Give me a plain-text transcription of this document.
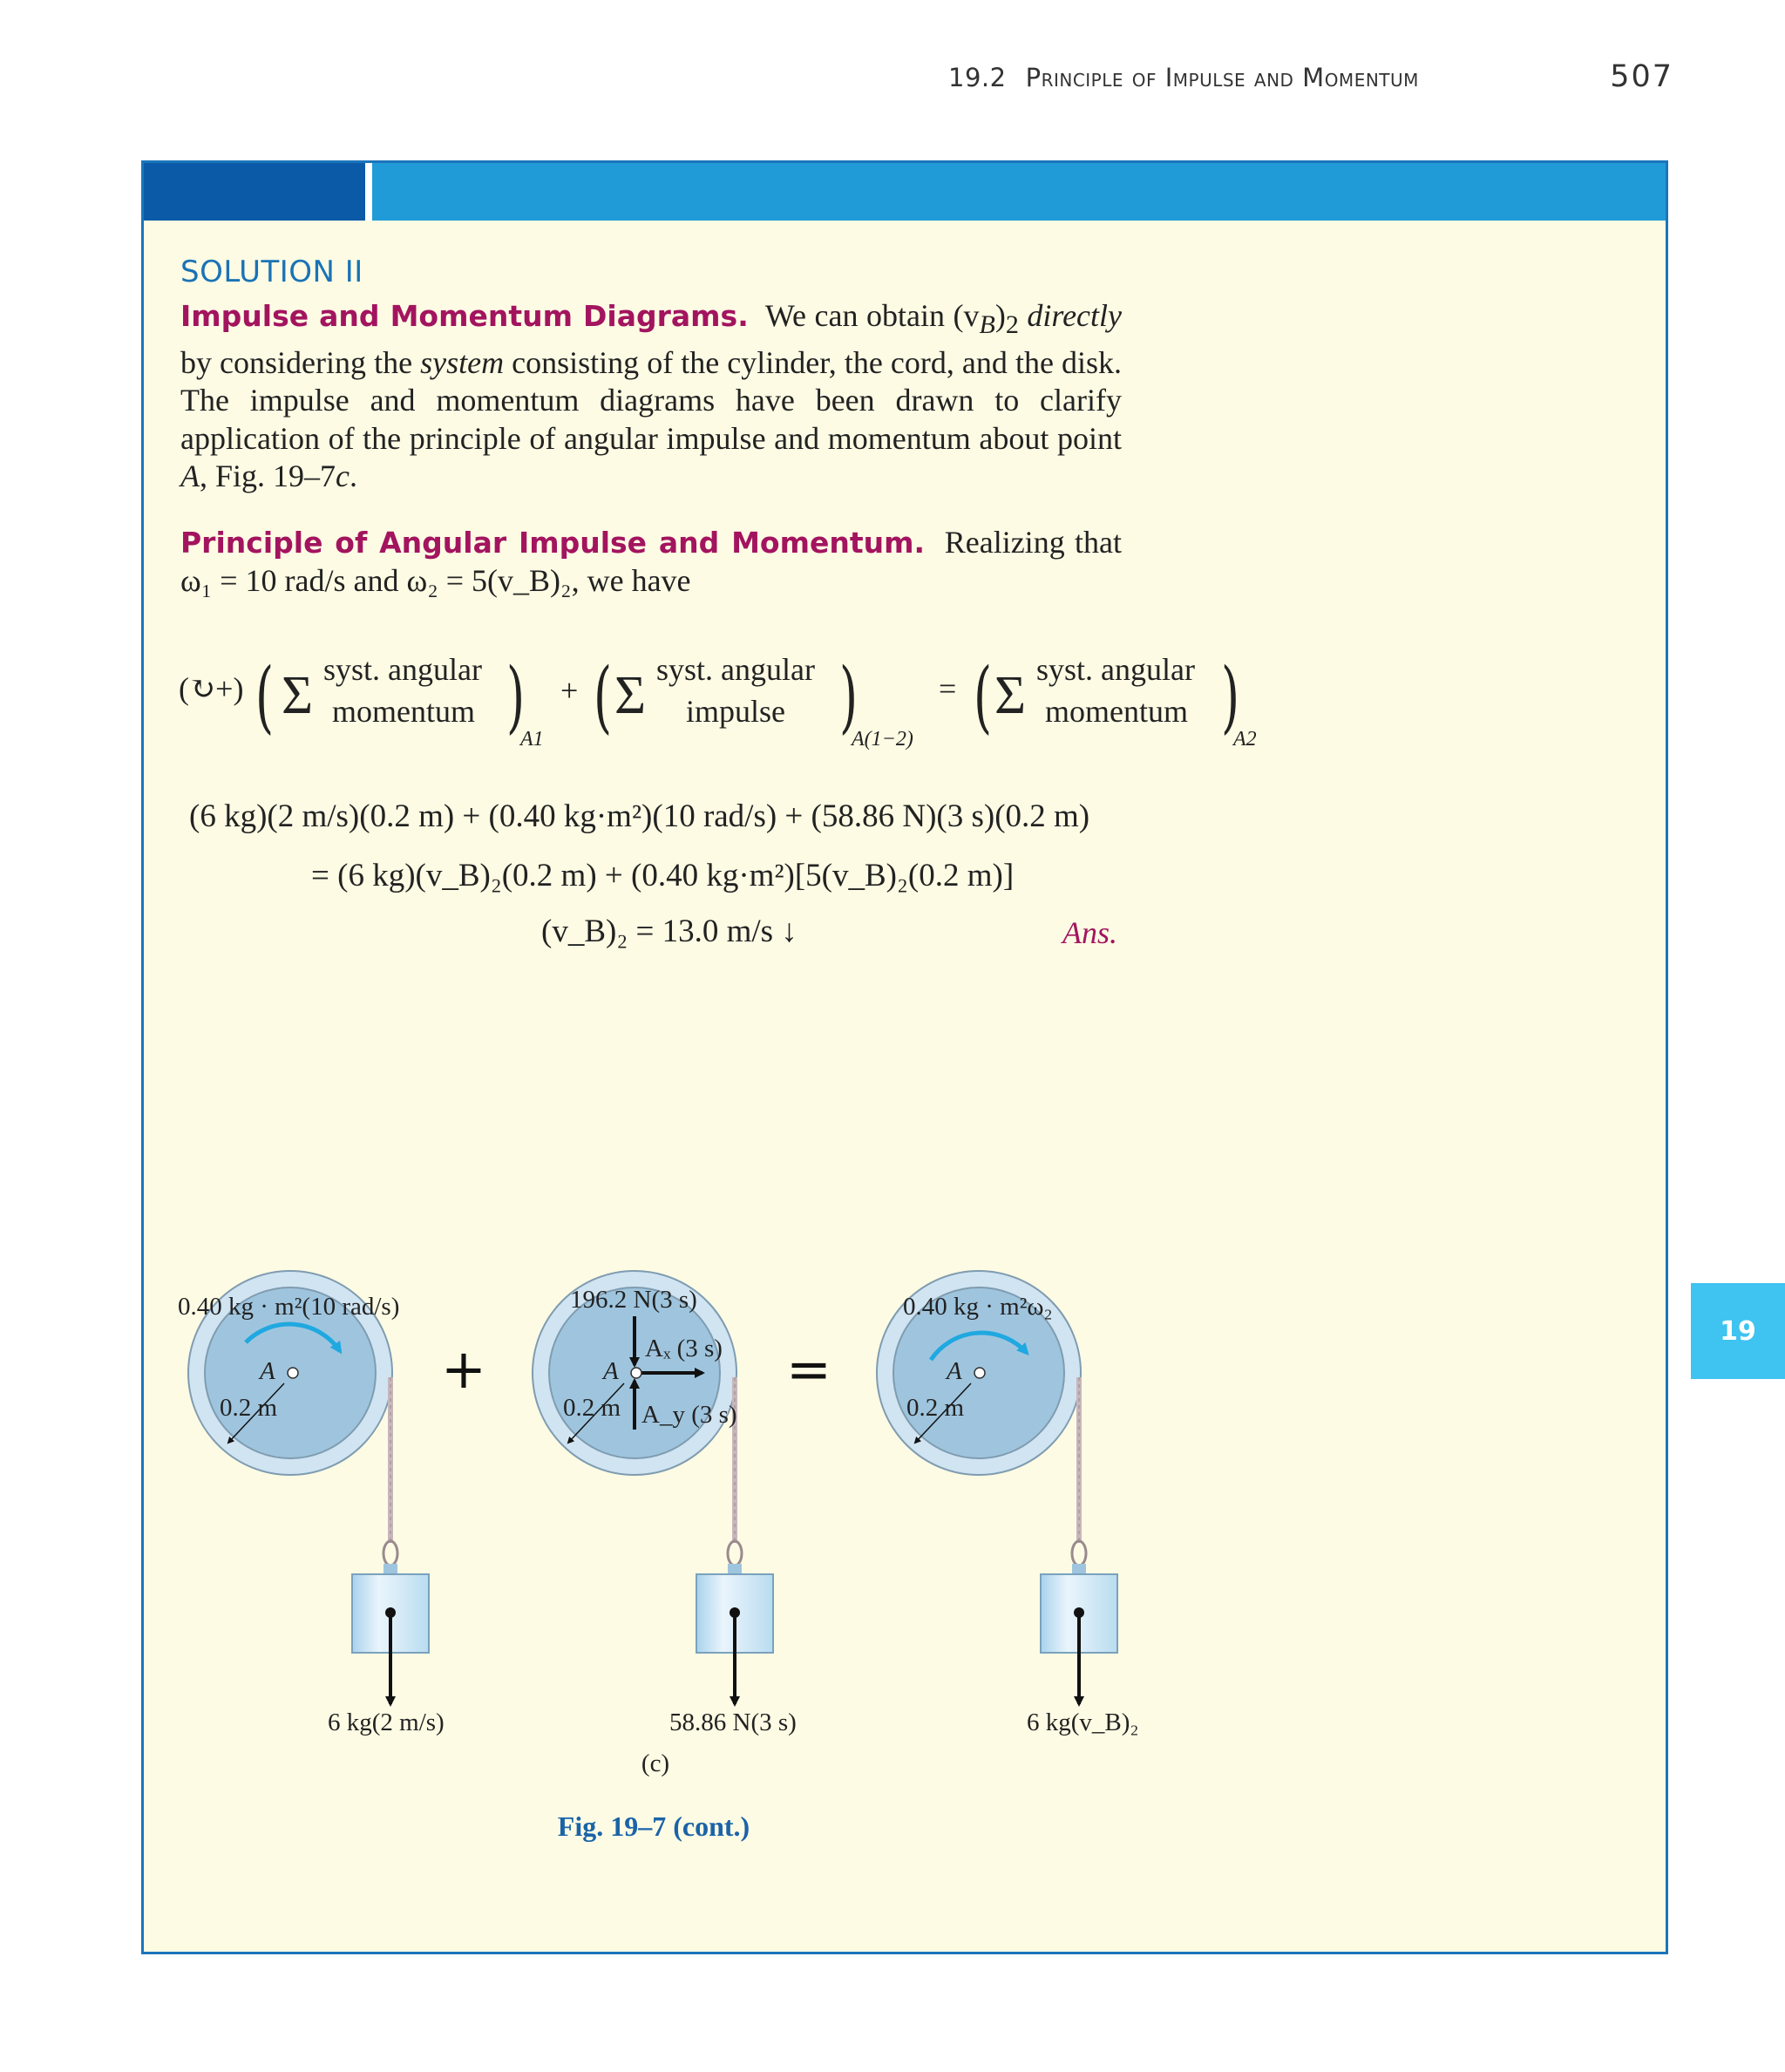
19.2 Principle of Impulse and Momentum	507
SOLUTION II
Impulse and Momentum Diagrams. We can obtain $(v_B)_2$ directly by considering the system consisting of the cylinder, the cord, and the disk. The impulse and momentum diagrams have been drawn to clarify application of the principle of angular impulse and momentum about point A, Fig. 19–7c.
Principle of Angular Impulse and Momentum. Realizing that ω₁ = 10 rad/s and ω₂ = 5(v_B)₂, we have
(↻+) ( Σ syst. angular
momentum )
A1
+ ( Σ syst. angular
impulse )
A(1−2)
= ( Σ syst. angular
momentum )
A2
(6 kg)(2 m/s)(0.2 m) + (0.40 kg·m²)(10 rad/s) + (58.86 N)(3 s)(0.2 m)
= (6 kg)(v_B)₂(0.2 m) + (0.40 kg·m²)[5(v_B)₂(0.2 m)]
(v_B)₂ = 13.0 m/s ↓	Ans.
0.40 kg · m²(10 rad/s)
A
0.2 m
6 kg(2 m/s)
+
196.2 N(3 s)
A
Aₓ (3 s)
0.2 m A_y (3 s)
58.86 N(3 s)
=
0.40 kg · m²ω₂
A
0.2 m
6 kg(v_B)₂
(c)
Fig. 19–7 (cont.)
19
